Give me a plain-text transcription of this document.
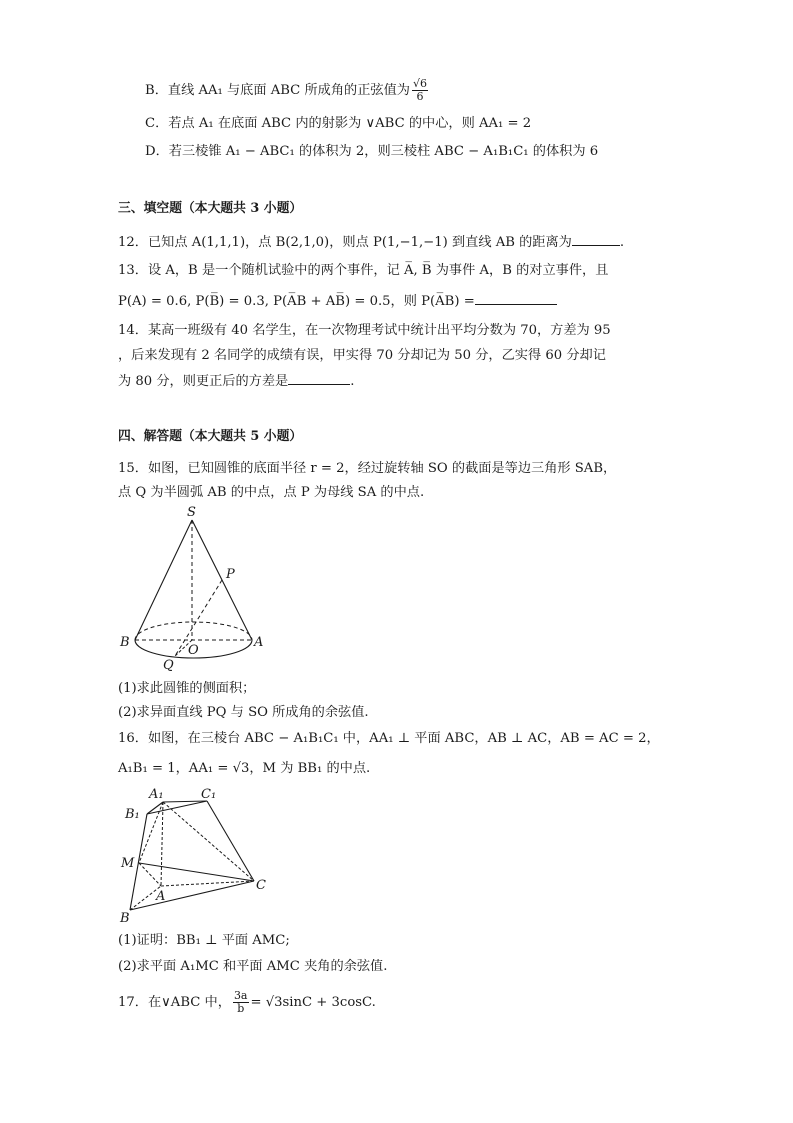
B．直线 AA₁ 与底面 ABC 所成角的正弦值为 $\frac{√6}{6}$
C．若点 A₁ 在底面 ABC 内的射影为 ∨ABC 的中心，则 AA₁ = 2
D．若三棱锥 A₁ − ABC₁ 的体积为 2，则三棱柱 ABC − A₁B₁C₁ 的体积为 6
三、填空题（本大题共 3 小题）
12．已知点 A(1,1,1)，点 B(2,1,0)，则点 P(1,−1,−1) 到直线 AB 的距离为	.
13．设 A，B 是一个随机试验中的两个事件，记 A̅, B̅ 为事件 A，B 的对立事件，且
P(A) = 0.6, P(B̅) = 0.3, P(A̅B + AB̅) = 0.5，则 P(A̅B) =
14．某高一班级有 40 名学生，在一次物理考试中统计出平均分数为 70，方差为 95
，后来发现有 2 名同学的成绩有误，甲实得 70 分却记为 50 分，乙实得 60 分却记
为 80 分，则更正后的方差是	.
四、解答题（本大题共 5 小题）
15．如图，已知圆锥的底面半径 r = 2，经过旋转轴 SO 的截面是等边三角形 SAB，
点 Q 为半圆弧 AB 的中点，点 P 为母线 SA 的中点.
S
P
B	A
O
Q
(1)求此圆锥的侧面积；
(2)求异面直线 PQ 与 SO 所成角的余弦值.
16．如图，在三棱台 ABC − A₁B₁C₁ 中，AA₁ ⊥ 平面 ABC，AB ⊥ AC，AB = AC = 2，
A₁B₁ = 1，AA₁ = √3，M 为 BB₁ 的中点.
A₁	C₁
B₁
M
A
C
B
(1)证明：BB₁ ⊥ 平面 AMC;
(2)求平面 A₁MC 和平面 AMC 夹角的余弦值.
17．在∨ABC 中， $\frac{3a}{b} = √3\sin C + 3\cos C$.
